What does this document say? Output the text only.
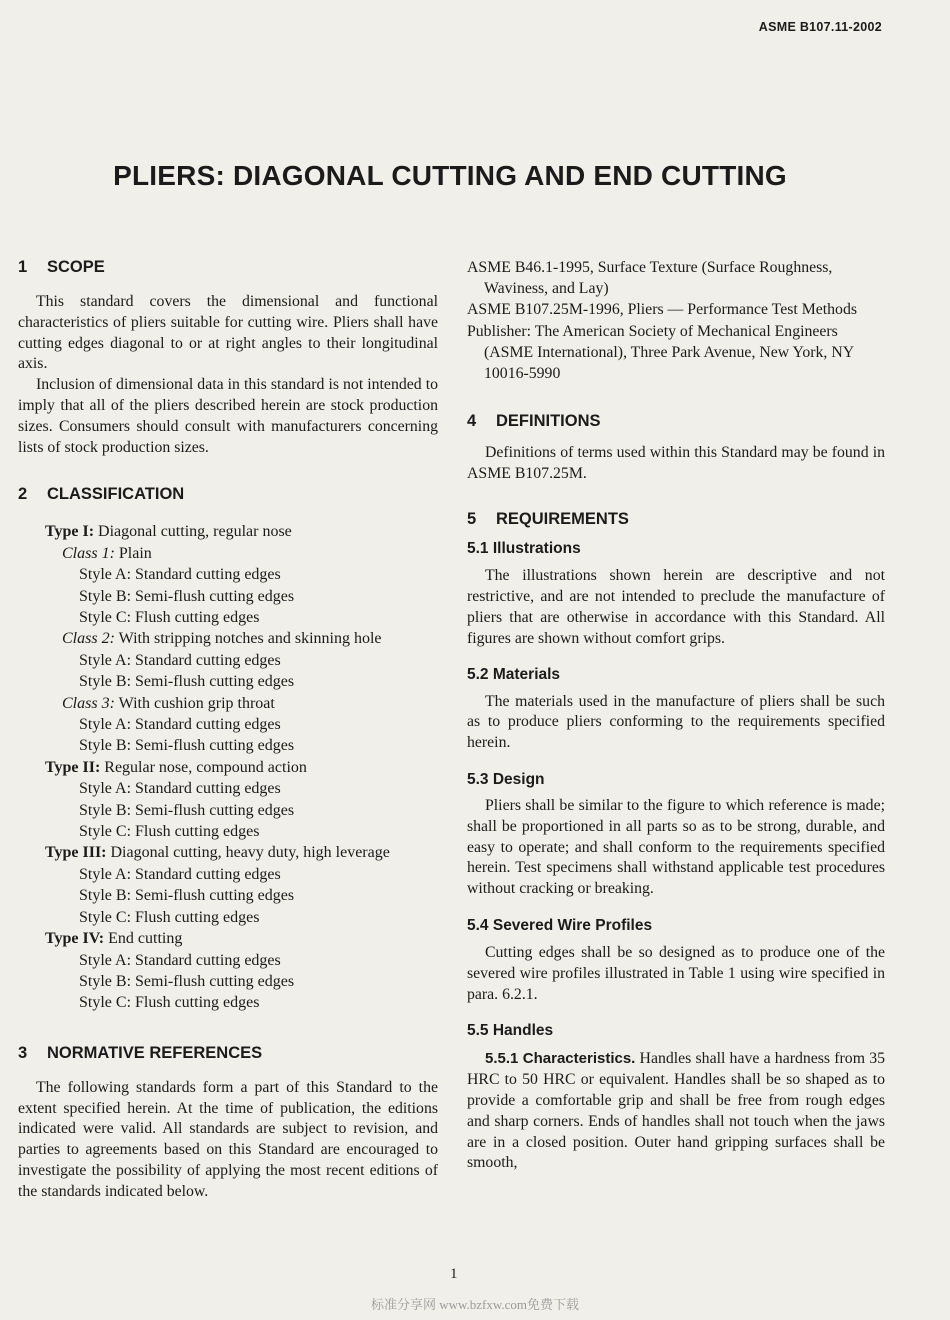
ASME B107.11-2002
PLIERS: DIAGONAL CUTTING AND END CUTTING
1 SCOPE

This standard covers the dimensional and functional characteristics of pliers suitable for cutting wire. Pliers shall have cutting edges diagonal to or at right angles to their longitudinal axis.

Inclusion of dimensional data in this standard is not intended to imply that all of the pliers described herein are stock production sizes. Consumers should consult with manufacturers concerning lists of stock production sizes.

2 CLASSIFICATION
Type I: Diagonal cutting, regular nose
Class 1: Plain
Style A: Standard cutting edges
Style B: Semi-flush cutting edges
Style C: Flush cutting edges
Class 2: With stripping notches and skinning hole
Style A: Standard cutting edges
Style B: Semi-flush cutting edges
Class 3: With cushion grip throat
Style A: Standard cutting edges
Style B: Semi-flush cutting edges
Type II: Regular nose, compound action
Style A: Standard cutting edges
Style B: Semi-flush cutting edges
Style C: Flush cutting edges
Type III: Diagonal cutting, heavy duty, high leverage
Style A: Standard cutting edges
Style B: Semi-flush cutting edges
Style C: Flush cutting edges
Type IV: End cutting
Style A: Standard cutting edges
Style B: Semi-flush cutting edges
Style C: Flush cutting edges
3 NORMATIVE REFERENCES

The following standards form a part of this Standard to the extent specified herein. At the time of publication, the editions indicated were valid. All standards are subject to revision, and parties to agreements based on this Standard are encouraged to investigate the possibility of applying the most recent editions of the standards indicated below.

ASME B46.1-1995, Surface Texture (Surface Roughness, Waviness, and Lay)
ASME B107.25M-1996, Pliers — Performance Test Methods
Publisher: The American Society of Mechanical Engineers (ASME International), Three Park Avenue, New York, NY 10016-5990
4 DEFINITIONS

Definitions of terms used within this Standard may be found in ASME B107.25M.

5 REQUIREMENTS
5.1 Illustrations

The illustrations shown herein are descriptive and not restrictive, and are not intended to preclude the manufacture of pliers that are otherwise in accordance with this Standard. All figures are shown without comfort grips.

5.2 Materials

The materials used in the manufacture of pliers shall be such as to produce pliers conforming to the requirements specified herein.

5.3 Design

Pliers shall be similar to the figure to which reference is made; shall be proportioned in all parts so as to be strong, durable, and easy to operate; and shall conform to the requirements specified herein. Test specimens shall withstand applicable test procedures without cracking or breaking.

5.4 Severed Wire Profiles

Cutting edges shall be so designed as to produce one of the severed wire profiles illustrated in Table 1 using wire specified in para. 6.2.1.

5.5 Handles

5.5.1 Characteristics. Handles shall have a hardness from 35 HRC to 50 HRC or equivalent. Handles shall be so shaped as to provide a comfortable grip and shall be free from rough edges and sharp corners. Ends of handles shall not touch when the jaws are in a closed position. Outer hand gripping surfaces shall be smooth,

1
标准分享网 www.bzfxw.com免费下载
